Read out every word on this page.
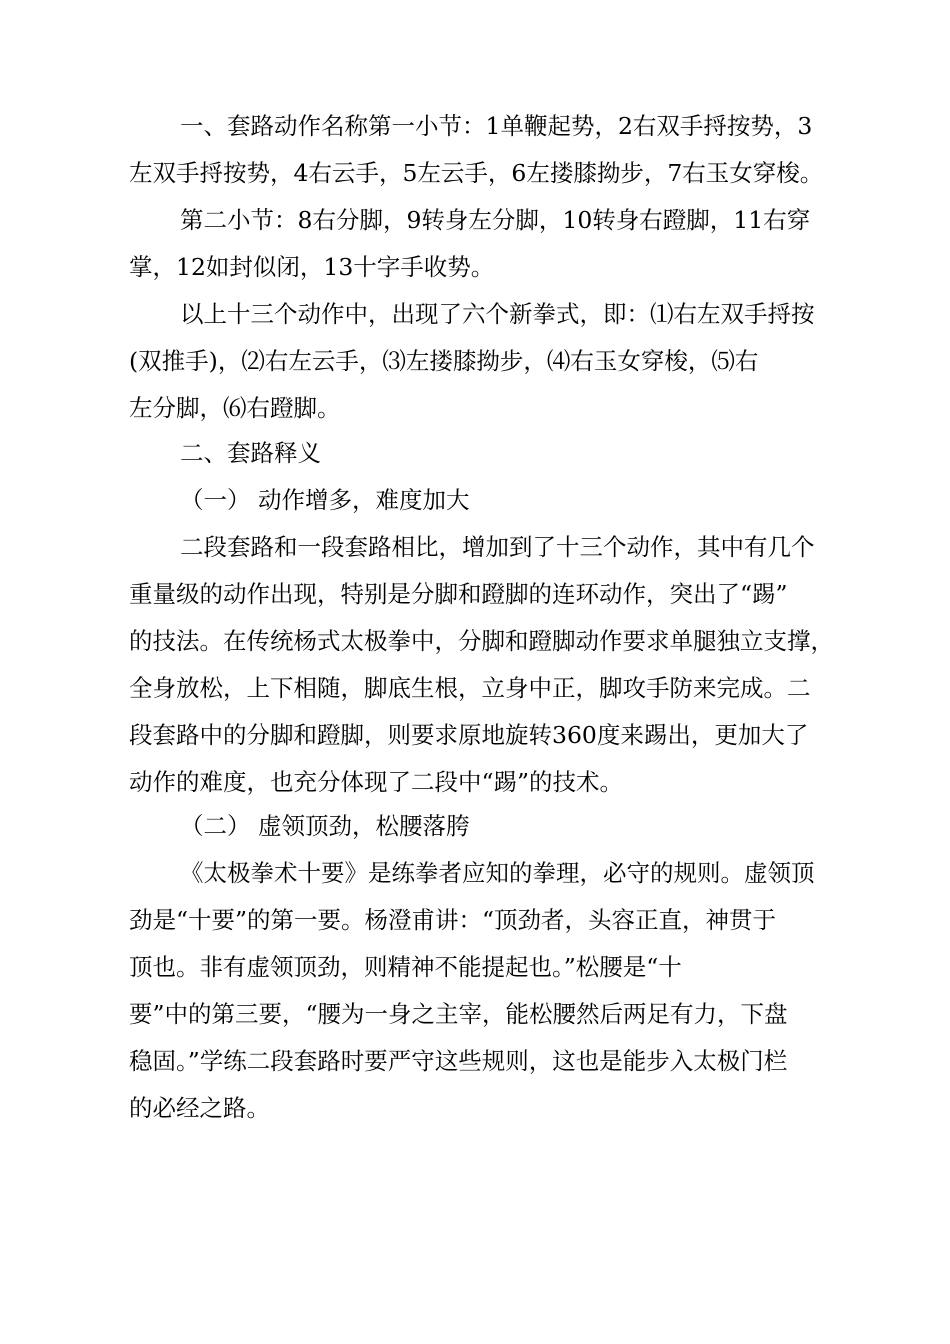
一、套路动作名称第一小节：1单鞭起势，2右双手捋按势，3

左双手捋按势，4右云手，5左云手，6左搂膝拗步，7右玉女穿梭。

第二小节：8右分脚，9转身左分脚，10转身右蹬脚，11右穿

掌，12如封似闭，13十字手收势。

以上十三个动作中，出现了六个新拳式，即：⑴右左双手捋按

(双推手)，⑵右左云手，⑶左搂膝拗步，⑷右玉女穿梭，⑸右

左分脚，⑹右蹬脚。

二、套路释义

（一） 动作增多，难度加大

二段套路和一段套路相比，增加到了十三个动作，其中有几个

重量级的动作出现，特别是分脚和蹬脚的连环动作，突出了“踢”

的技法。在传统杨式太极拳中，分脚和蹬脚动作要求单腿独立支撑，

全身放松，上下相随，脚底生根，立身中正，脚攻手防来完成。二

段套路中的分脚和蹬脚，则要求原地旋转360度来踢出，更加大了

动作的难度，也充分体现了二段中“踢”的技术。

（二） 虚领顶劲，松腰落胯

《太极拳术十要》是练拳者应知的拳理，必守的规则。虚领顶

劲是“十要”的第一要。杨澄甫讲：“顶劲者，头容正直，神贯于

顶也。非有虚领顶劲，则精神不能提起也。”松腰是“十

要”中的第三要，“腰为一身之主宰，能松腰然后两足有力，下盘

稳固。”学练二段套路时要严守这些规则，这也是能步入太极门栏

的必经之路。
